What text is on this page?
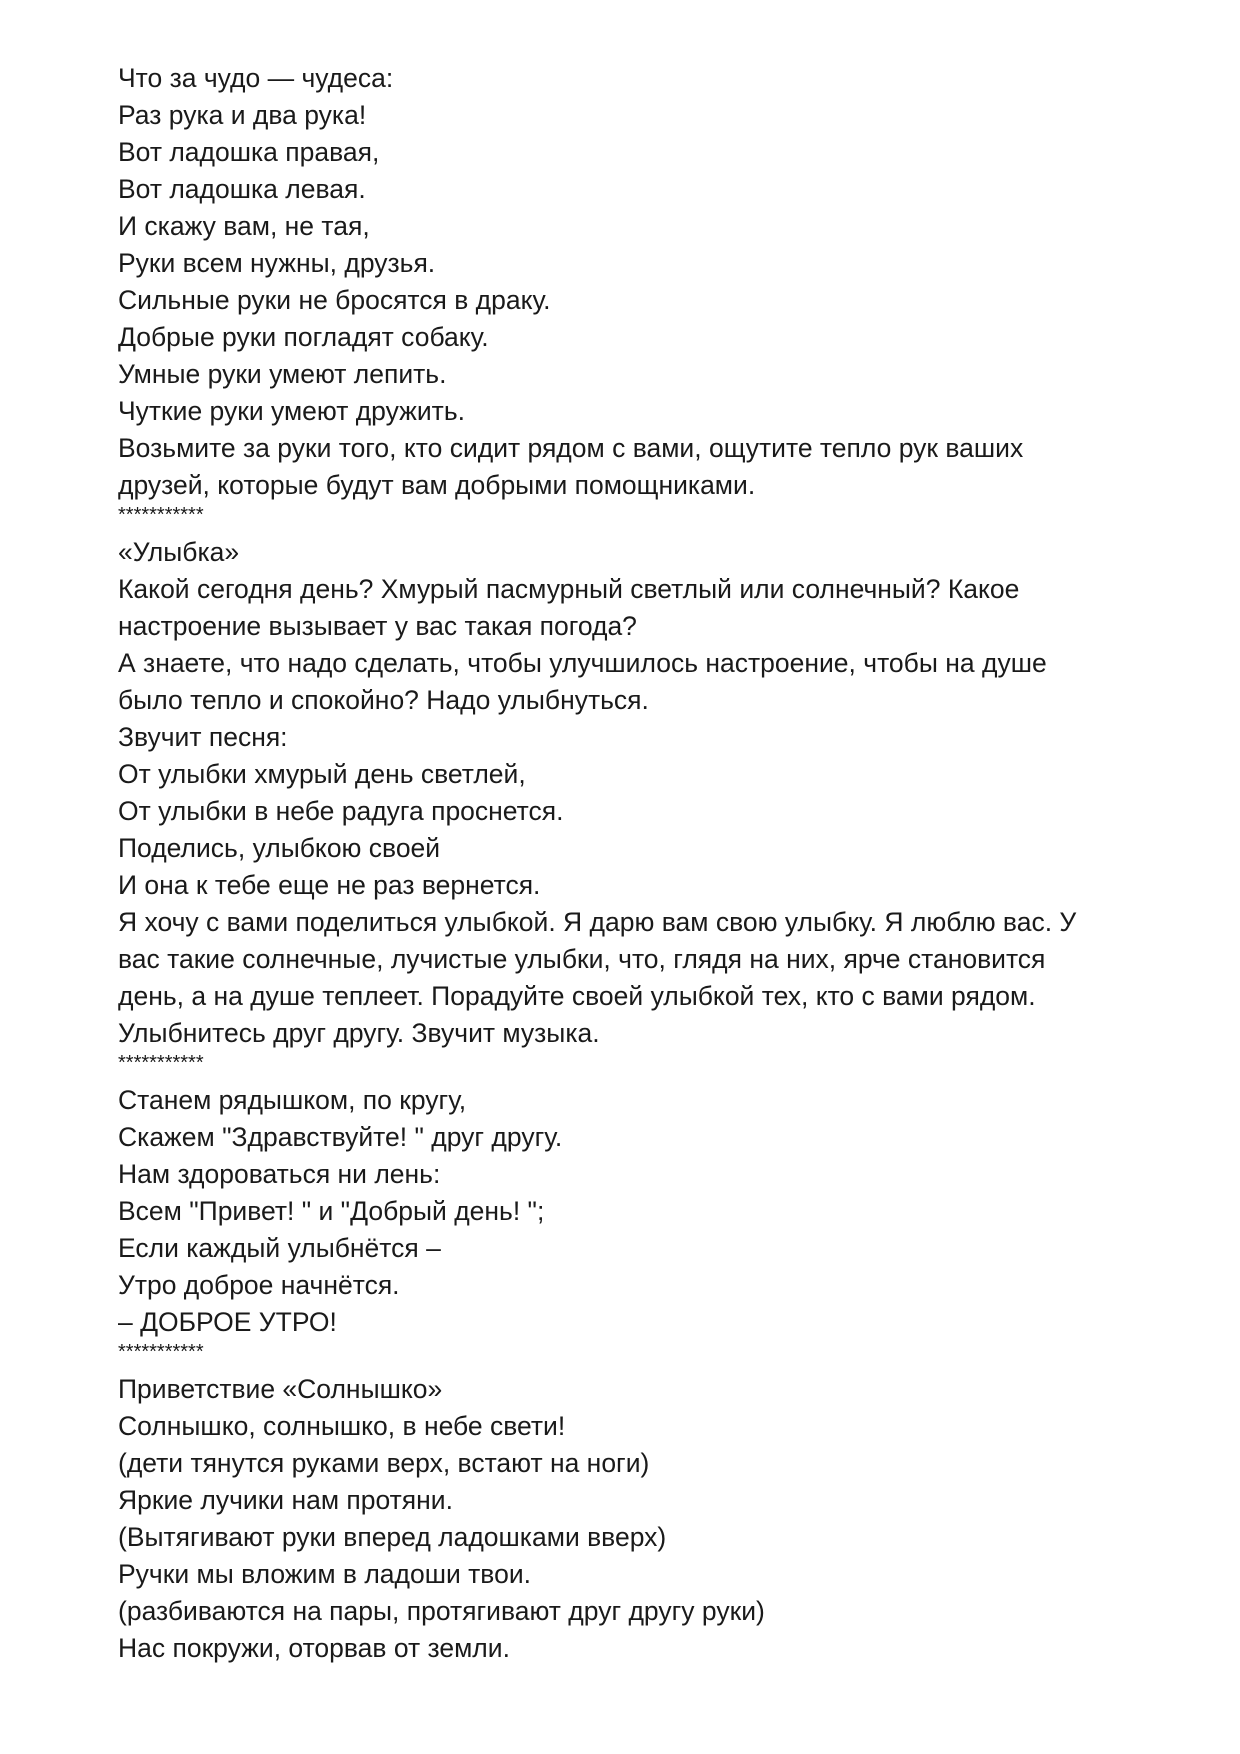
Что за чудо — чудеса:
Раз рука и два рука!
Вот ладошка правая,
Вот ладошка левая.
И скажу вам, не тая,
Руки всем нужны, друзья.
Сильные руки не бросятся в драку.
Добрые руки погладят собаку.
Умные руки умеют лепить.
Чуткие руки умеют дружить.
Возьмите за руки того, кто сидит рядом с вами, ощутите тепло рук ваших
друзей, которые будут вам добрыми помощниками.
***********
«Улыбка»
Какой сегодня день? Хмурый пасмурный светлый или солнечный? Какое
настроение вызывает у вас такая погода?
А знаете, что надо сделать, чтобы улучшилось настроение, чтобы на душе
было тепло и спокойно? Надо улыбнуться.
Звучит песня:
От улыбки хмурый день светлей,
От улыбки в небе радуга проснется.
Поделись, улыбкою своей
И она к тебе еще не раз вернется.
Я хочу с вами поделиться улыбкой. Я дарю вам свою улыбку. Я люблю вас. У
вас такие солнечные, лучистые улыбки, что, глядя на них, ярче становится
день, а на душе теплеет. Порадуйте своей улыбкой тех, кто с вами рядом.
Улыбнитесь друг другу. Звучит музыка.
***********
Станем рядышком, по кругу,
Скажем "Здравствуйте! " друг другу.
Нам здороваться ни лень:
Всем "Привет! " и "Добрый день! ";
Если каждый улыбнётся –
Утро доброе начнётся.
– ДОБРОЕ УТРО!
***********
Приветствие «Солнышко»
Солнышко, солнышко, в небе свети!
(дети тянутся руками верх, встают на ноги)
Яркие лучики нам протяни.
(Вытягивают руки вперед ладошками вверх)
Ручки мы вложим в ладоши твои.
(разбиваются на пары, протягивают друг другу руки)
Нас покружи, оторвав от земли.
